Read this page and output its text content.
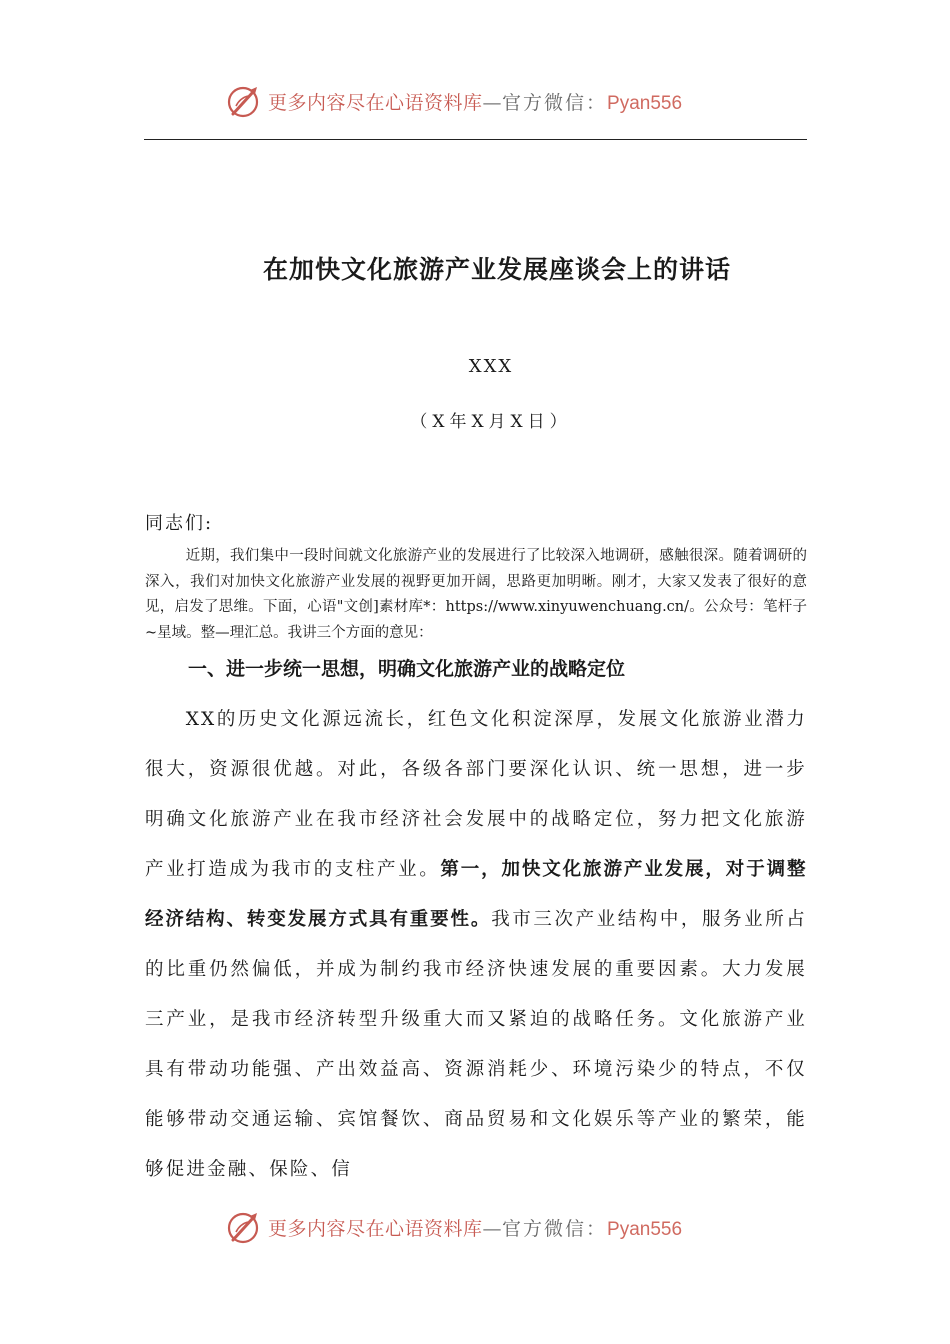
更多内容尽在心语资料库—官方微信：Pyan556
在加快文化旅游产业发展座谈会上的讲话
XXX
（X年X月X日）
同志们:

近期，我们集中一段时间就文化旅游产业的发展进行了比较深入地调研，感触很深。随着调研的深入，我们对加快文化旅游产业发展的视野更加开阔，思路更加明晰。刚才，大家又发表了很好的意见，启发了思维。下面，心语"文创]素材库*：https://www.xinyuwenchuang.cn/。公众号：笔杆子~星域。整—理汇总。我讲三个方面的意见：

一、进一步统一思想，明确文化旅游产业的战略定位

XX的历史文化源远流长，红色文化积淀深厚，发展文化旅游业潜力很大，资源很优越。对此，各级各部门要深化认识、统一思想，进一步明确文化旅游产业在我市经济社会发展中的战略定位，努力把文化旅游产业打造成为我市的支柱产业。第一，加快文化旅游产业发展，对于调整经济结构、转变发展方式具有重要性。我市三次产业结构中，服务业所占的比重仍然偏低，并成为制约我市经济快速发展的重要因素。大力发展三产业，是我市经济转型升级重大而又紧迫的战略任务。文化旅游产业具有带动功能强、产出效益高、资源消耗少、环境污染少的特点，不仅能够带动交通运输、宾馆餐饮、商品贸易和文化娱乐等产业的繁荣，能够促进金融、保险、信

更多内容尽在心语资料库—官方微信：Pyan556
